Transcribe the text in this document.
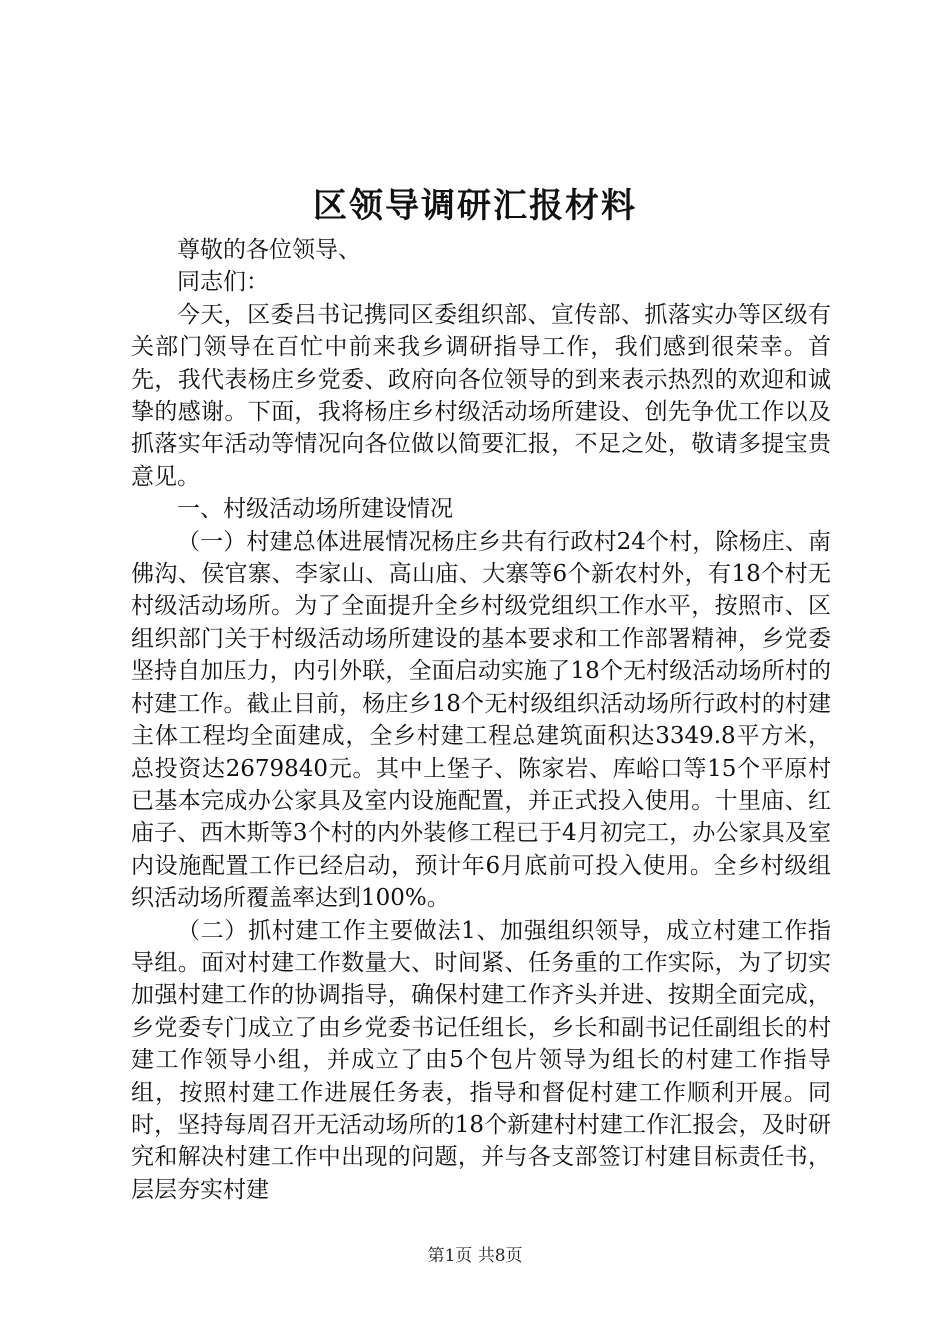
区领导调研汇报材料

尊敬的各位领导、

同志们：

今天，区委吕书记携同区委组织部、宣传部、抓落实办等区级有关部门领导在百忙中前来我乡调研指导工作，我们感到很荣幸。首先，我代表杨庄乡党委、政府向各位领导的到来表示热烈的欢迎和诚挚的感谢。下面，我将杨庄乡村级活动场所建设、创先争优工作以及抓落实年活动等情况向各位做以简要汇报，不足之处，敬请多提宝贵意见。

一、村级活动场所建设情况

（一）村建总体进展情况杨庄乡共有行政村24个村，除杨庄、南佛沟、侯官寨、李家山、高山庙、大寨等6个新农村外，有18个村无村级活动场所。为了全面提升全乡村级党组织工作水平，按照市、区组织部门关于村级活动场所建设的基本要求和工作部署精神，乡党委坚持自加压力，内引外联，全面启动实施了18个无村级活动场所村的村建工作。截止目前，杨庄乡18个无村级组织活动场所行政村的村建主体工程均全面建成，全乡村建工程总建筑面积达3349.8平方米，总投资达2679840元。其中上堡子、陈家岩、库峪口等15个平原村已基本完成办公家具及室内设施配置，并正式投入使用。十里庙、红庙子、西木斯等3个村的内外装修工程已于4月初完工，办公家具及室内设施配置工作已经启动，预计年6月底前可投入使用。全乡村级组织活动场所覆盖率达到100%。

（二）抓村建工作主要做法1、加强组织领导，成立村建工作指导组。面对村建工作数量大、时间紧、任务重的工作实际，为了切实加强村建工作的协调指导，确保村建工作齐头并进、按期全面完成，乡党委专门成立了由乡党委书记任组长，乡长和副书记任副组长的村建工作领导小组，并成立了由5个包片领导为组长的村建工作指导组，按照村建工作进展任务表，指导和督促村建工作顺利开展。同时，坚持每周召开无活动场所的18个新建村村建工作汇报会，及时研究和解决村建工作中出现的问题，并与各支部签订村建目标责任书，层层夯实村建

第1页 共8页
